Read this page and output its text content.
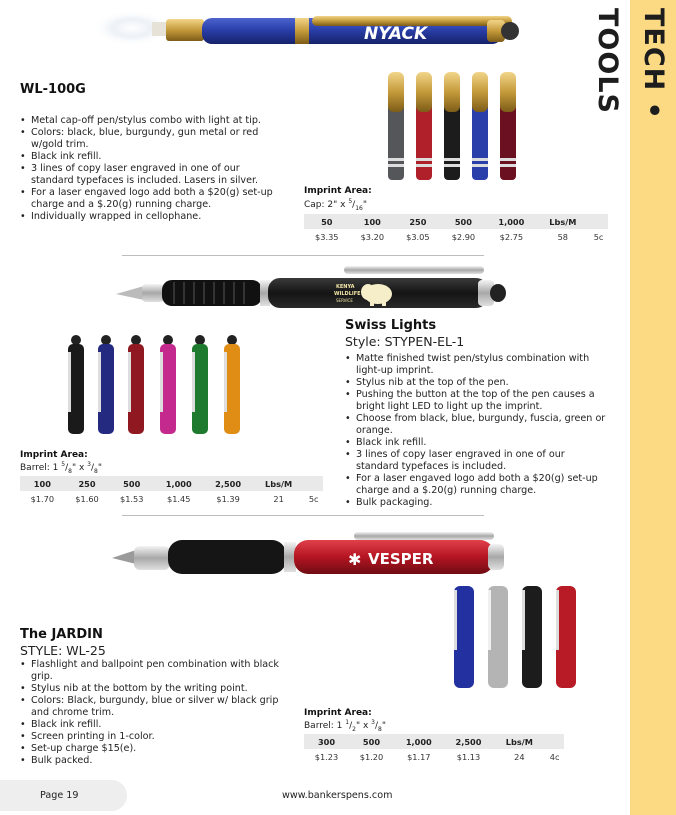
TECH • TOOLS
NYACK
WL-100G
• Metal cap-off pen/stylus combo with light at tip.
• Colors: black, blue, burgundy, gun metal or red w/gold trim.
• Black ink refill.
• 3 lines of copy laser engraved in one of our standard typefaces is included. Lasers in silver.
• For a laser engaved logo add both a $20(g) set-up charge and a $.20(g) running charge.
• Individually wrapped in cellophane.
Imprint Area:
Cap: 2" x $^5/_{16}$"
50	100	250	500	1,000	Lbs/M	
$3.35	$3.20	$3.05	$2.90	$2.75	58	5c
KENYA
WILDLIFE
SERVICE
Swiss Lights
Style: STYPEN-EL-1
• Matte finished twist pen/stylus combination with light-up imprint.
• Stylus nib at the top of the pen.
• Pushing the button at the top of the pen causes a bright light LED to light up the imprint.
• Choose from black, blue, burgundy, fuscia, green or orange.
• Black ink refill.
• 3 lines of copy laser engraved in one of our standard typefaces is included.
• For a laser engaved logo add both a $20(g) set-up charge and a $.20(g) running charge.
• Bulk packaging.
Imprint Area:
Barrel: 1 $^5/_8$" x $^3/_8$"
100	250	500	1,000	2,500	Lbs/M	
$1.70	$1.60	$1.53	$1.45	$1.39	21	5c
✱ VESPER
The JARDIN
STYLE: WL-25
• Flashlight and ballpoint pen combination with black grip.
• Stylus nib at the bottom by the writing point.
• Colors: Black, burgundy, blue or silver w/ black grip and chrome trim.
• Black ink refill.
• Screen printing in 1-color.
• Set-up charge $15(e).
• Bulk packed.
Imprint Area:
Barrel: 1 $^1/_2$" x $^3/_8$"
300	500	1,000	2,500	Lbs/M	
$1.23	$1.20	$1.17	$1.13	24	4c
Page 19	www.bankerspens.com
